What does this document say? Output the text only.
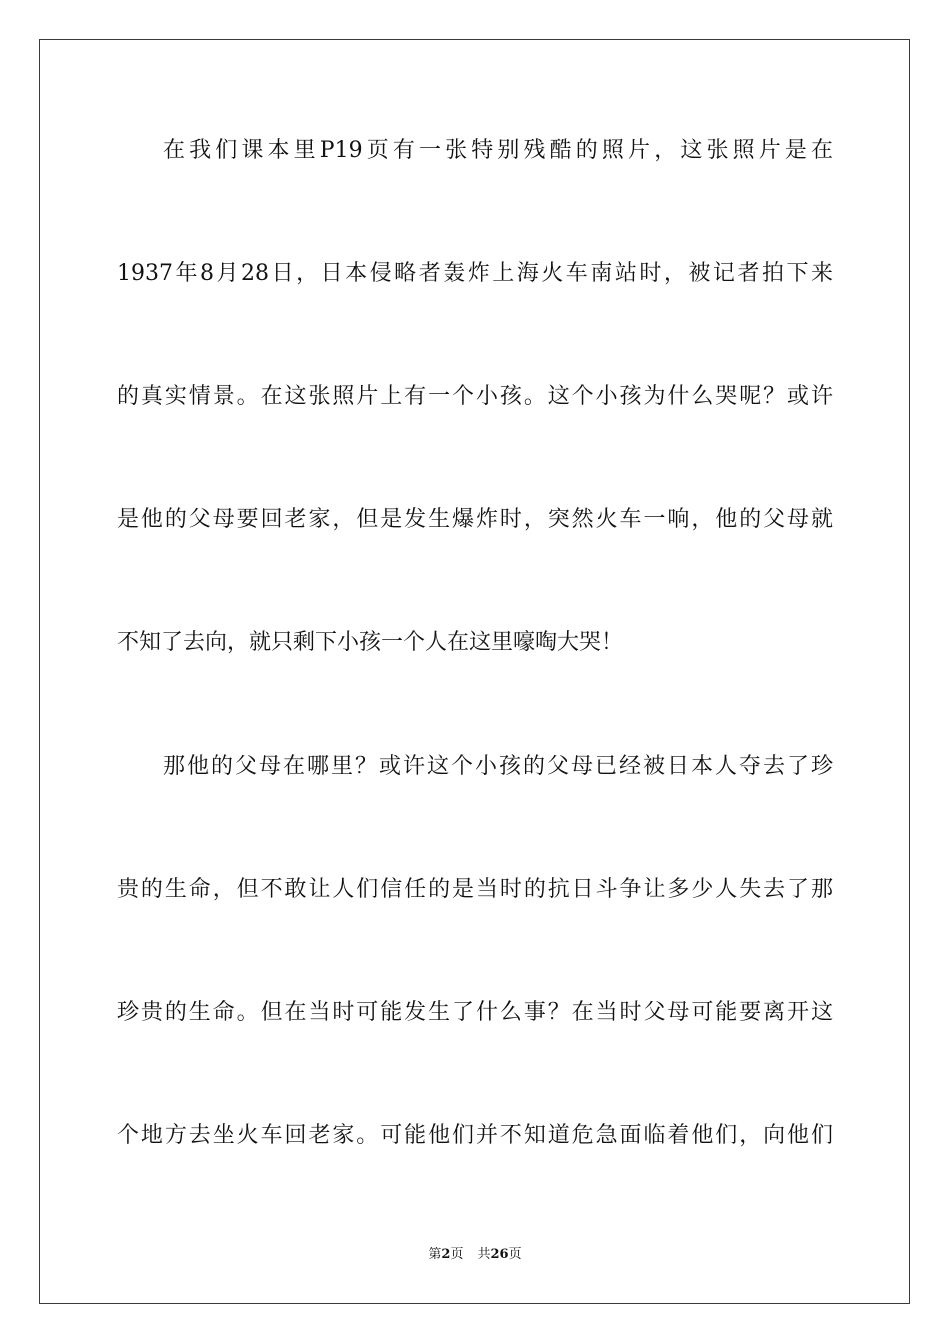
在我们课本里P19页有一张特别残酷的照片，这张照片是在
1937年8月28日，日本侵略者轰炸上海火车南站时，被记者拍下来
的真实情景。在这张照片上有一个小孩。这个小孩为什么哭呢？或许
是他的父母要回老家，但是发生爆炸时，突然火车一响，他的父母就
不知了去向，就只剩下小孩一个人在这里嚎啕大哭！
那他的父母在哪里？或许这个小孩的父母已经被日本人夺去了珍
贵的生命，但不敢让人们信任的是当时的抗日斗争让多少人失去了那
珍贵的生命。但在当时可能发生了什么事？在当时父母可能要离开这
个地方去坐火车回老家。可能他们并不知道危急面临着他们，向他们
第2页 共26页
